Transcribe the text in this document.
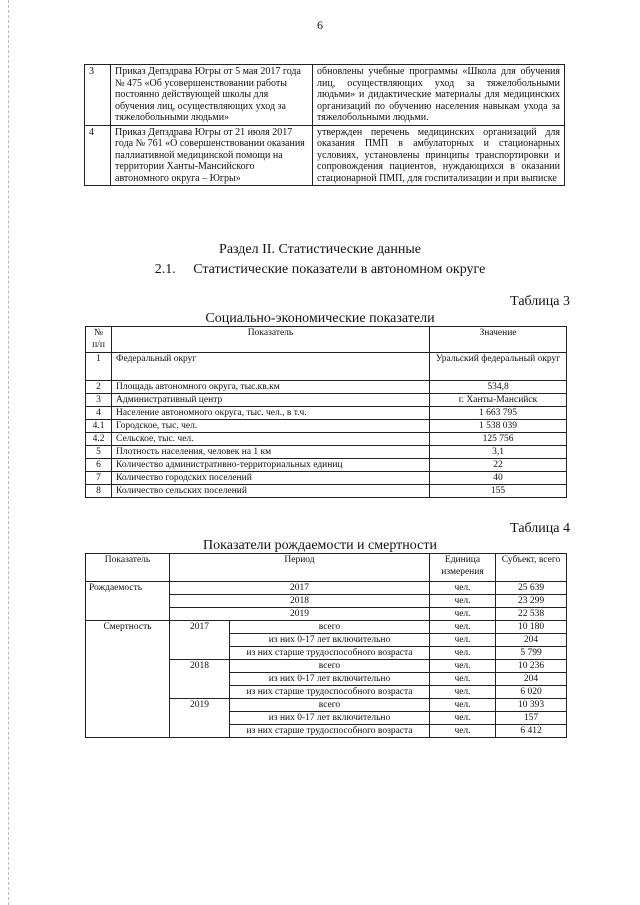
6
3	Приказ Депздрава Югры от 5 мая 2017 года № 475 «Об усовершенствовании работы постоянно действующей школы для обучения лиц, осуществляющих уход за тяжелобольными людьми»	обновлены учебные программы «Школа для обучения лиц, осуществляющих уход за тяжелобольными людьми» и дидактические материалы для медицинских организаций по обучению населения навыкам ухода за тяжелобольными людьми.
4	Приказ Депздрава Югры от 21 июля 2017 года № 761 «О совершенствовании оказания паллиативной медицинской помощи на территории Ханты-Мансийского автономного округа – Югры»	утвержден перечень медицинских организаций для оказания ПМП в амбулаторных и стационарных условиях, установлены принципы транспортировки и сопровождения пациентов, нуждающихся в оказании стационарной ПМП, для госпитализации и при выписке
Раздел II. Статистические данные
2.1.     Статистические показатели в автономном округе
Таблица 3
Социально-экономические показатели
№ п/п	Показатель	Значение
1	Федеральный округ	Уральский федеральный округ
2	Площадь автономного округа, тыс.кв.км	534,8
3	Административный центр	г. Ханты-Мансийск
4	Население автономного округа, тыс. чел., в т.ч.	1 663 795
4.1	Городское, тыс. чел.	1 538 039
4.2	Сельское, тыс. чел.	125 756
5	Плотность населения, человек на 1 км	3,1
6	Количество административно-территориальных единиц	22
7	Количество городских поселений	40
8	Количество сельских поселений	155
Таблица 4
Показатели рождаемости и смертности
Показатель	Период		Единица измерения	Субъект, всего
Рождаемость	2017		чел.	25 639
	2018		чел.	23 299
	2019		чел.	22 538
Смертность	2017	всего	чел.	10 180
		из них 0-17 лет включительно	чел.	204
		из них старше трудоспособного возраста	чел.	5 799
	2018	всего	чел.	10 236
		из них 0-17 лет включительно	чел.	204
		из них старше трудоспособного возраста	чел.	6 020
	2019	всего	чел.	10 393
		из них 0-17 лет включительно	чел.	157
		из них старше трудоспособного возраста	чел.	6 412
